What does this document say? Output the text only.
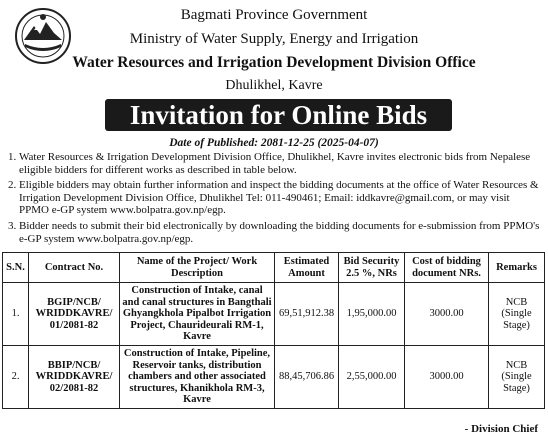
Bagmati Province Government
Ministry of Water Supply, Energy and Irrigation
Water Resources and Irrigation Development Division Office
Dhulikhel, Kavre
Invitation for Online Bids
Date of Published: 2081-12-25 (2025-04-07)
1. Water Resources & Irrigation Development Division Office, Dhulikhel, Kavre invites electronic bids from Nepalese eligible bidders for different works as described in table below.
2. Eligible bidders may obtain further information and inspect the bidding documents at the office of Water Resources & Irrigation Development Division Office, Dhulikhel Tel: 011-490461; Email: iddkavre@gmail.com, or may visit PPMO e-GP system www.bolpatra.gov.np/egp.
3. Bidder needs to submit their bid electronically by downloading the bidding documents for e-submission from PPMO's e-GP system www.bolpatra.gov.np/egp.
S.N.	Contract No.	Name of the Project/ Work Description	Estimated Amount	Bid Security 2.5 %, NRs	Cost of bidding document NRs.	Remarks
1.	BGIP/NCB/ WRIDDKAVRE/ 01/2081-82	Construction of Intake, canal and canal structures in Bangthali Ghyangkhola Pipalbot Irrigation Project, Chaurideurali RM-1, Kavre	69,51,912.38	1,95,000.00	3000.00	NCB (Single Stage)
2.	BBIP/NCB/ WRIDDKAVRE/ 02/2081-82	Construction of Intake, Pipeline, Reservoir tanks, distribution chambers and other associated structures, Khanikhola RM-3, Kavre	88,45,706.86	2,55,000.00	3000.00	NCB (Single Stage)
- Division Chief
